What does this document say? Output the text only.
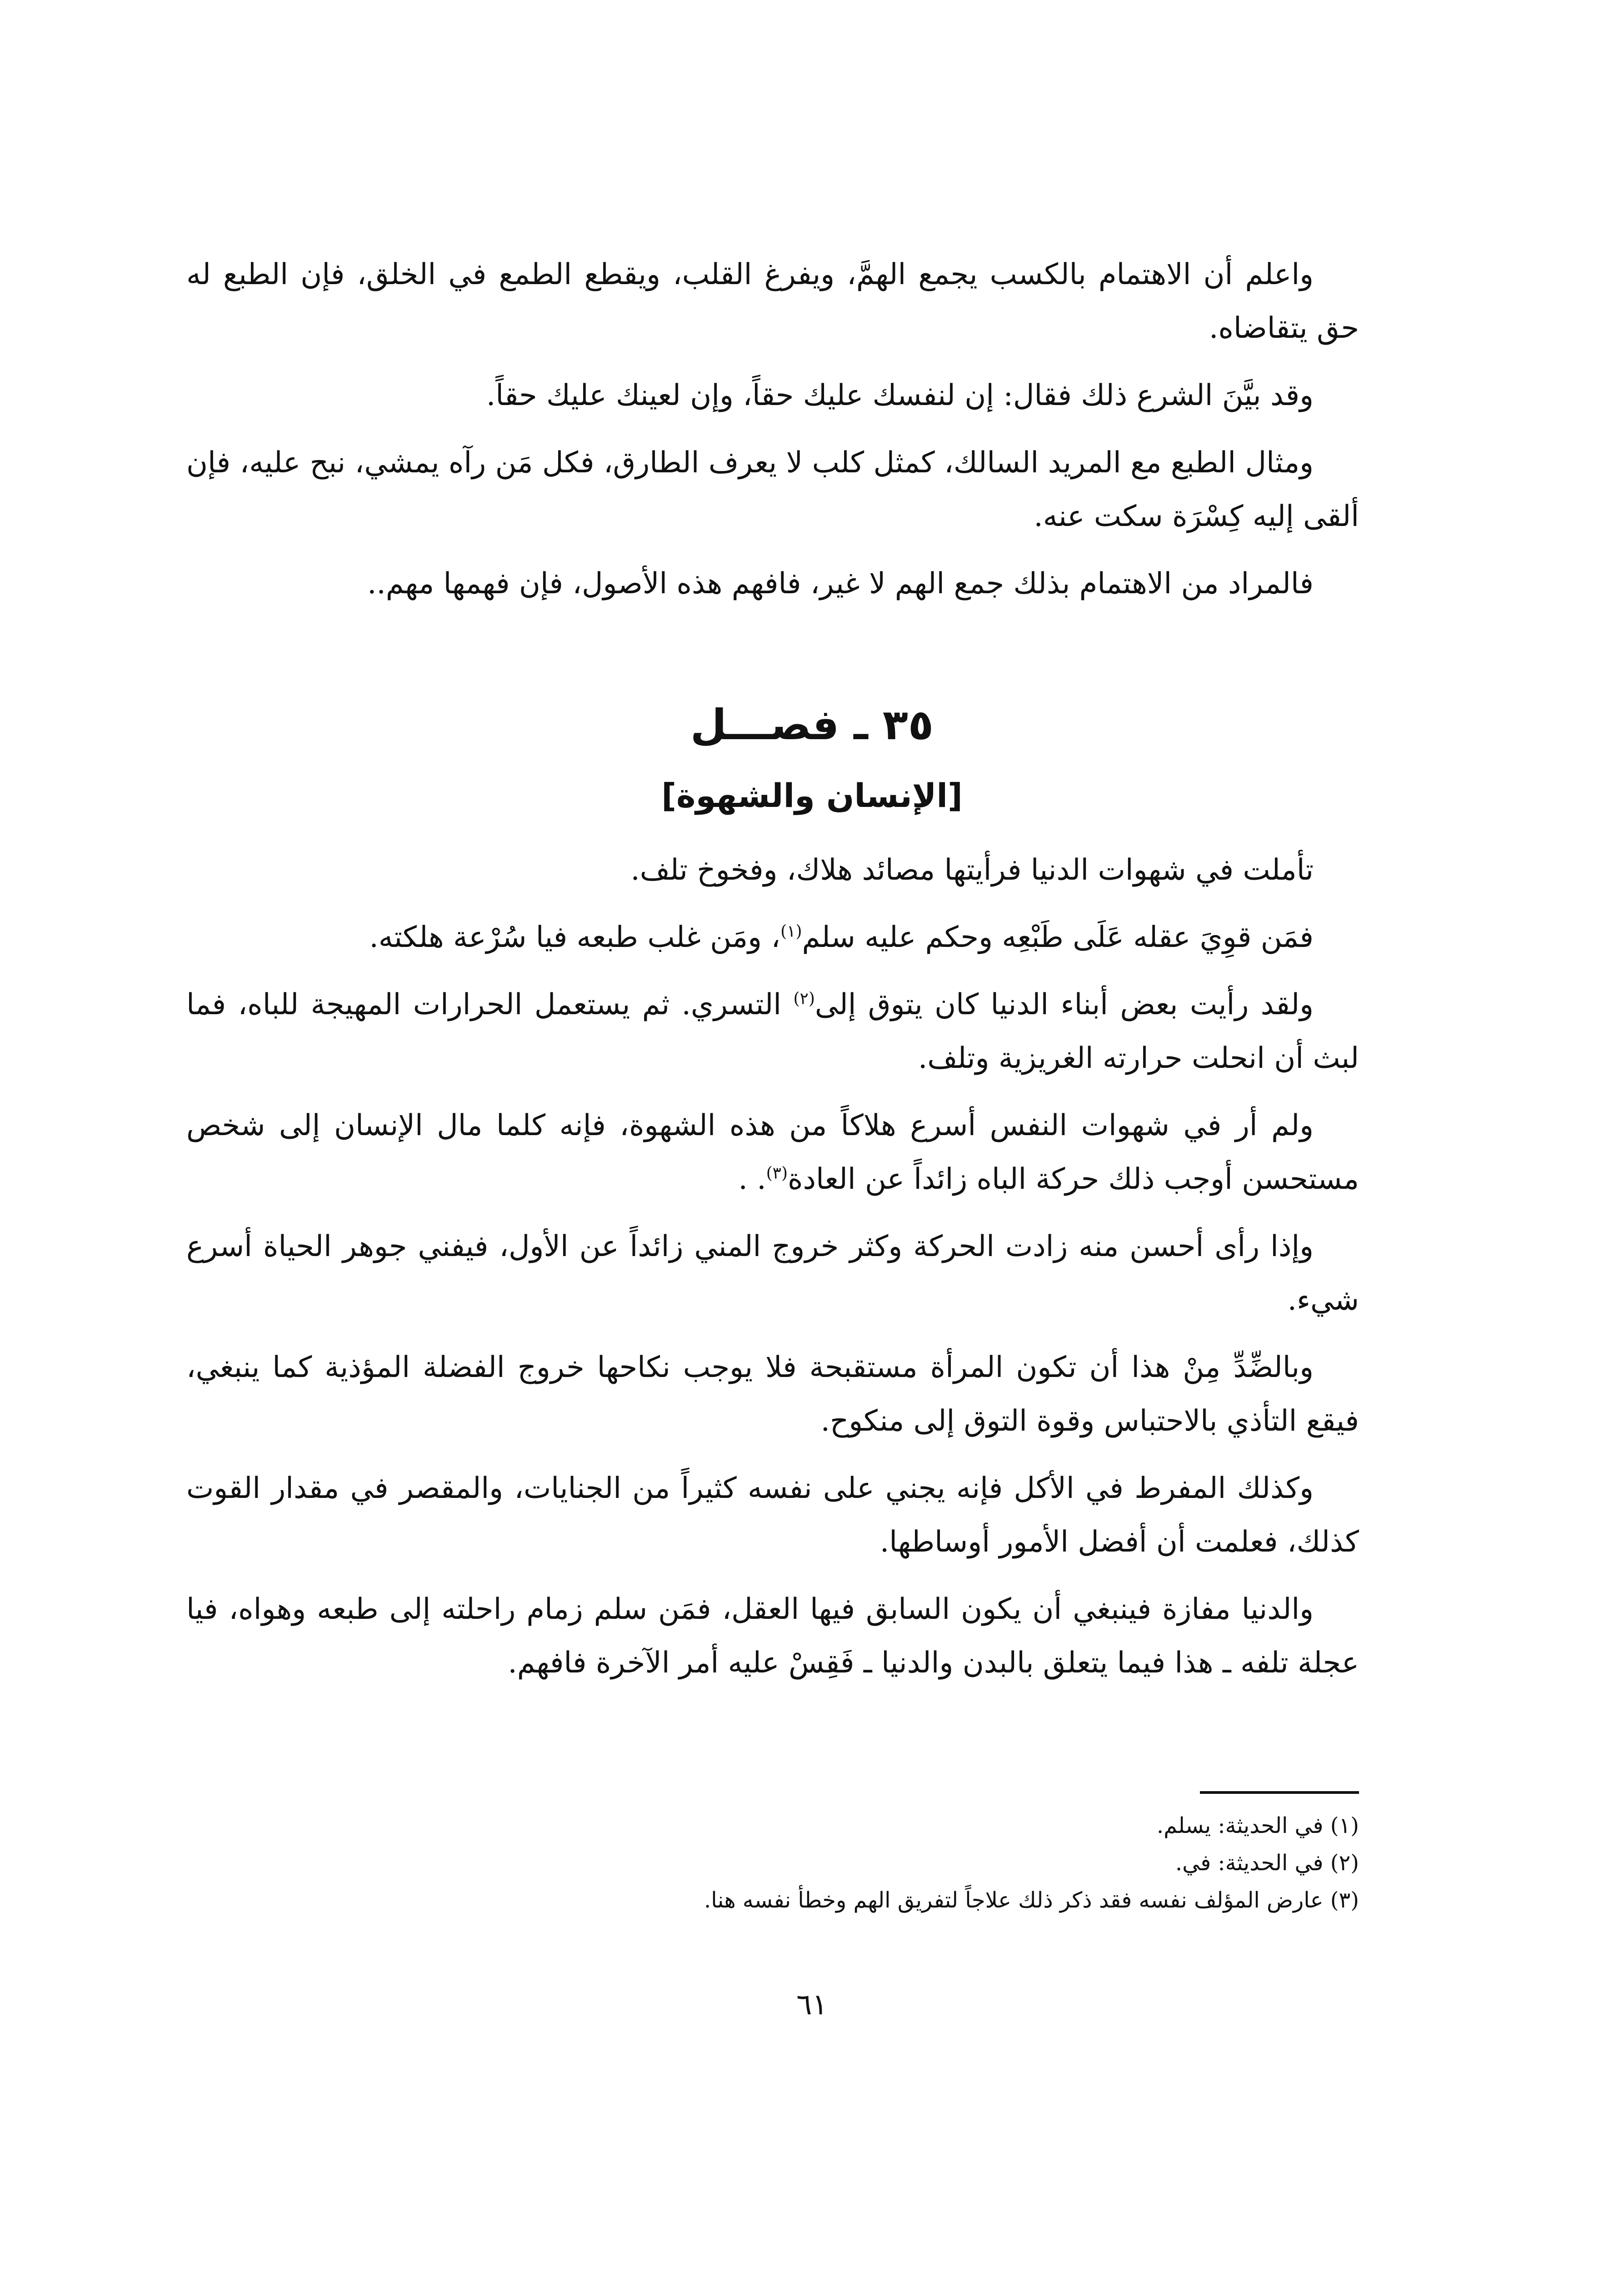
واعلم أن الاهتمام بالكسب يجمع الهمَّ، ويفرغ القلب، ويقطع الطمع في الخلق، فإن الطبع له حق يتقاضاه.

وقد بيَّنَ الشرع ذلك فقال: إن لنفسك عليك حقاً، وإن لعينك عليك حقاً.

ومثال الطبع مع المريد السالك، كمثل كلب لا يعرف الطارق، فكل مَن رآه يمشي، نبح عليه، فإن ألقى إليه كِسْرَة سكت عنه.

فالمراد من الاهتمام بذلك جمع الهم لا غير، فافهم هذه الأصول، فإن فهمها مهم..

٣٥ ـ فصـــل
[الإنسان والشهوة]

تأملت في شهوات الدنيا فرأيتها مصائد هلاك، وفخوخ تلف.

فمَن قوِيَ عقله عَلَى طَبْعِه وحكم عليه سلم$^{(١)}$، ومَن غلب طبعه فيا سُرْعة هلكته.

ولقد رأيت بعض أبناء الدنيا كان يتوق إلى$^{(٢)}$ التسري. ثم يستعمل الحرارات المهيجة للباه، فما لبث أن انحلت حرارته الغريزية وتلف.

ولم أر في شهوات النفس أسرع هلاكاً من هذه الشهوة، فإنه كلما مال الإنسان إلى شخص مستحسن أوجب ذلك حركة الباه زائداً عن العادة$^{(٣)}$. .

وإذا رأى أحسن منه زادت الحركة وكثر خروج المني زائداً عن الأول، فيفني جوهر الحياة أسرع شيء.

وبالضِّدِّ مِنْ هذا أن تكون المرأة مستقبحة فلا يوجب نكاحها خروج الفضلة المؤذية كما ينبغي، فيقع التأذي بالاحتباس وقوة التوق إلى منكوح.

وكذلك المفرط في الأكل فإنه يجني على نفسه كثيراً من الجنايات، والمقصر في مقدار القوت كذلك، فعلمت أن أفضل الأمور أوساطها.

والدنيا مفازة فينبغي أن يكون السابق فيها العقل، فمَن سلم زمام راحلته إلى طبعه وهواه، فيا عجلة تلفه ـ هذا فيما يتعلق بالبدن والدنيا ـ فَقِسْ عليه أمر الآخرة فافهم.

(١) في الحديثة: يسلم.

(٢) في الحديثة: في.

(٣) عارض المؤلف نفسه فقد ذكر ذلك علاجاً لتفريق الهم وخطأ نفسه هنا.

٦١
